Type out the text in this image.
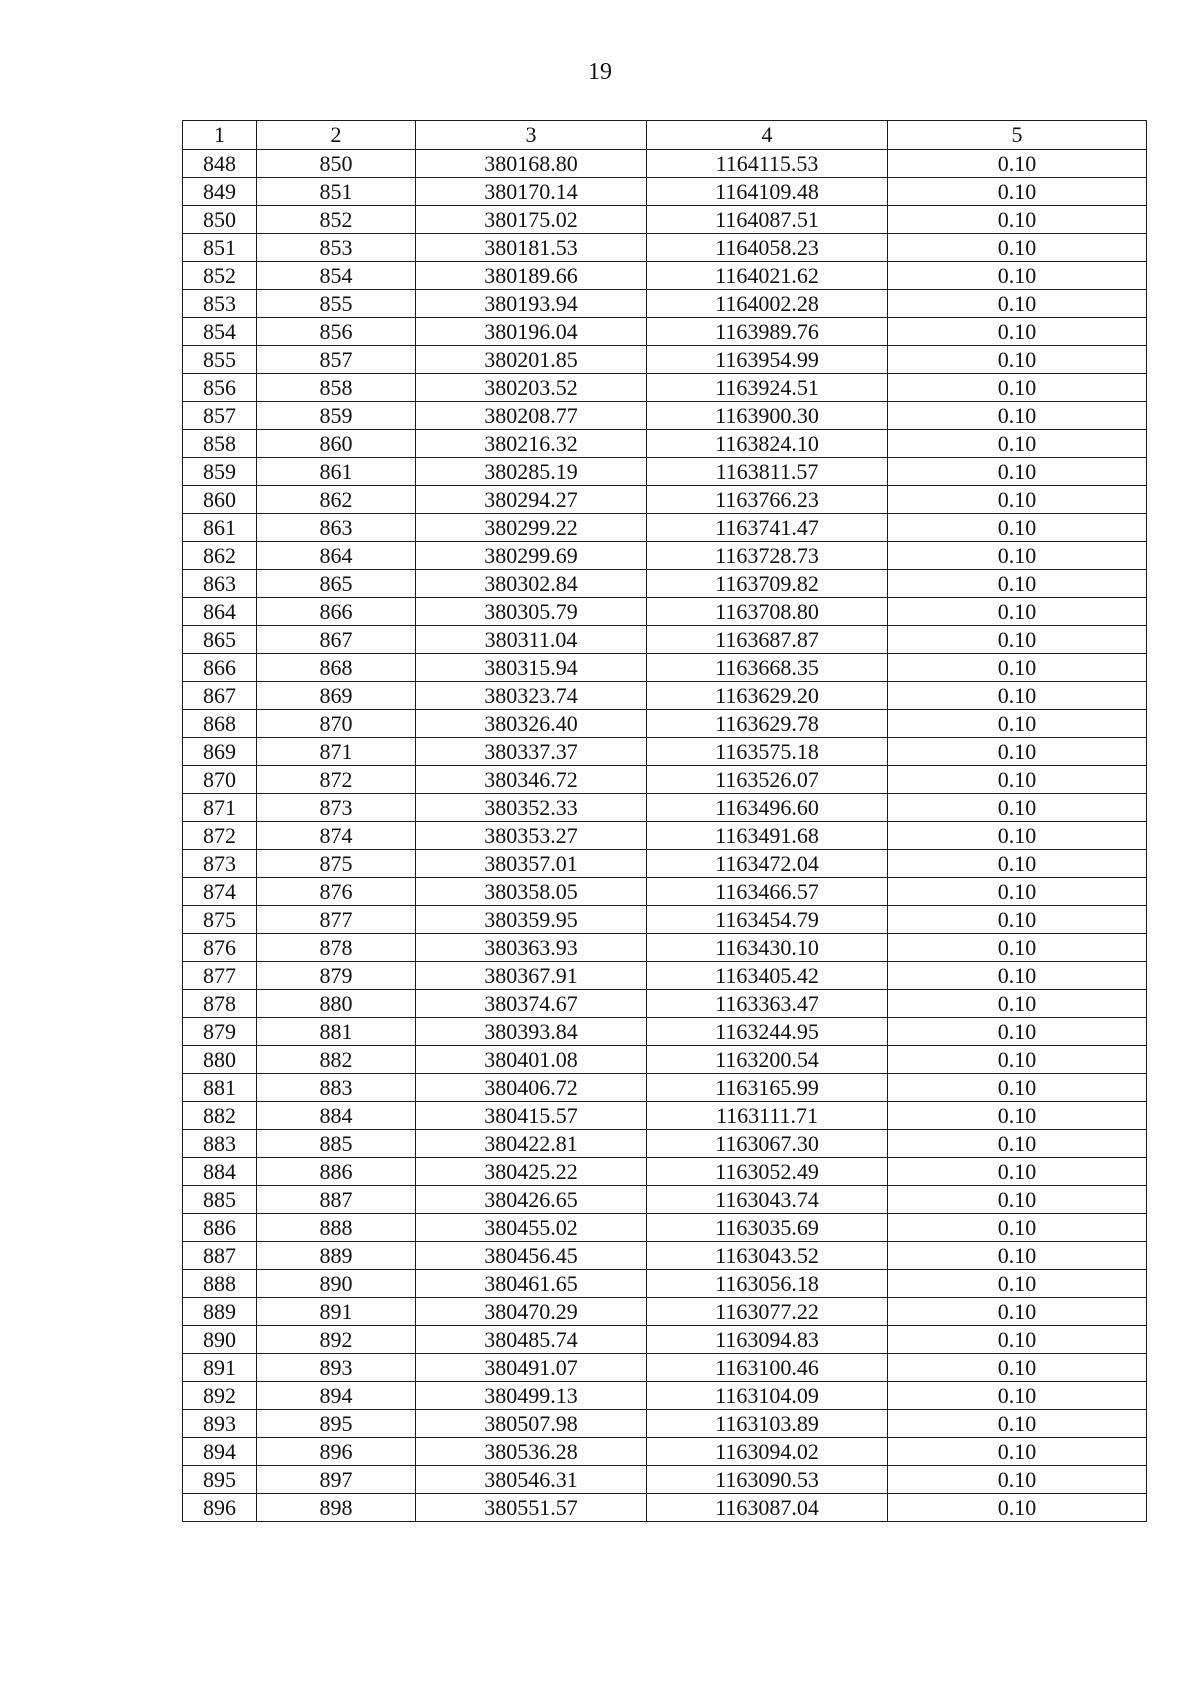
19
1	2	3	4	5
848	850	380168.80	1164115.53	0.10
849	851	380170.14	1164109.48	0.10
850	852	380175.02	1164087.51	0.10
851	853	380181.53	1164058.23	0.10
852	854	380189.66	1164021.62	0.10
853	855	380193.94	1164002.28	0.10
854	856	380196.04	1163989.76	0.10
855	857	380201.85	1163954.99	0.10
856	858	380203.52	1163924.51	0.10
857	859	380208.77	1163900.30	0.10
858	860	380216.32	1163824.10	0.10
859	861	380285.19	1163811.57	0.10
860	862	380294.27	1163766.23	0.10
861	863	380299.22	1163741.47	0.10
862	864	380299.69	1163728.73	0.10
863	865	380302.84	1163709.82	0.10
864	866	380305.79	1163708.80	0.10
865	867	380311.04	1163687.87	0.10
866	868	380315.94	1163668.35	0.10
867	869	380323.74	1163629.20	0.10
868	870	380326.40	1163629.78	0.10
869	871	380337.37	1163575.18	0.10
870	872	380346.72	1163526.07	0.10
871	873	380352.33	1163496.60	0.10
872	874	380353.27	1163491.68	0.10
873	875	380357.01	1163472.04	0.10
874	876	380358.05	1163466.57	0.10
875	877	380359.95	1163454.79	0.10
876	878	380363.93	1163430.10	0.10
877	879	380367.91	1163405.42	0.10
878	880	380374.67	1163363.47	0.10
879	881	380393.84	1163244.95	0.10
880	882	380401.08	1163200.54	0.10
881	883	380406.72	1163165.99	0.10
882	884	380415.57	1163111.71	0.10
883	885	380422.81	1163067.30	0.10
884	886	380425.22	1163052.49	0.10
885	887	380426.65	1163043.74	0.10
886	888	380455.02	1163035.69	0.10
887	889	380456.45	1163043.52	0.10
888	890	380461.65	1163056.18	0.10
889	891	380470.29	1163077.22	0.10
890	892	380485.74	1163094.83	0.10
891	893	380491.07	1163100.46	0.10
892	894	380499.13	1163104.09	0.10
893	895	380507.98	1163103.89	0.10
894	896	380536.28	1163094.02	0.10
895	897	380546.31	1163090.53	0.10
896	898	380551.57	1163087.04	0.10
